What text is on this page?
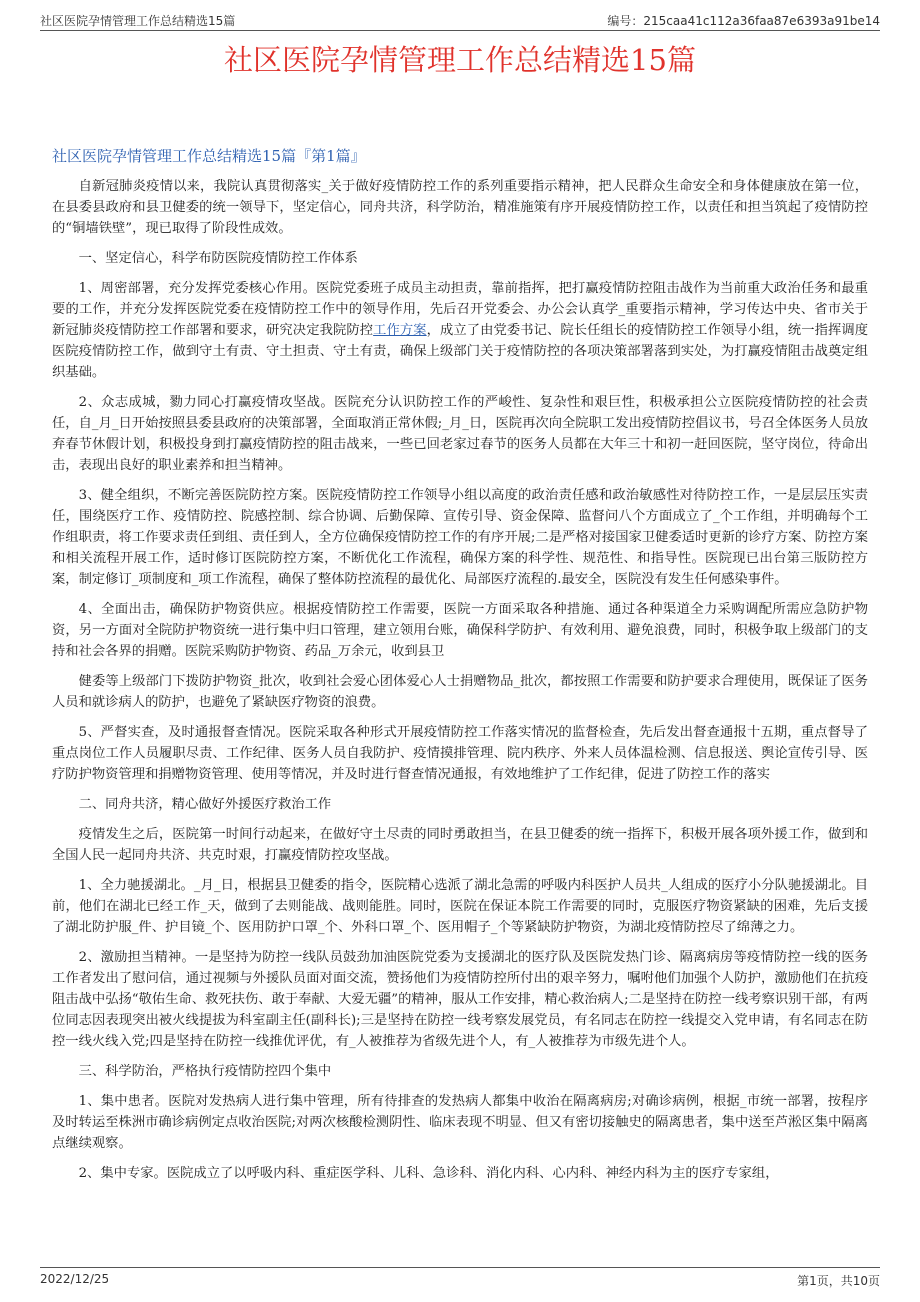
社区医院孕情管理工作总结精选15篇	编号：215caa41c112a36faa87e6393a91be14
社区医院孕情管理工作总结精选15篇
社区医院孕情管理工作总结精选15篇『第1篇』

自新冠肺炎疫情以来，我院认真贯彻落实_关于做好疫情防控工作的系列重要指示精神，把人民群众生命安全和身体健康放在第一位，在县委县政府和县卫健委的统一领导下，坚定信心，同舟共济，科学防治，精准施策有序开展疫情防控工作，以责任和担当筑起了疫情防控的“铜墙铁壁”，现已取得了阶段性成效。

一、坚定信心，科学布防医院疫情防控工作体系

1、周密部署，充分发挥党委核心作用。医院党委班子成员主动担责，靠前指挥，把打赢疫情防控阻击战作为当前重大政治任务和最重要的工作，并充分发挥医院党委在疫情防控工作中的领导作用，先后召开党委会、办公会认真学_重要指示精神，学习传达中央、省市关于新冠肺炎疫情防控工作部署和要求，研究决定我院防控工作方案，成立了由党委书记、院长任组长的疫情防控工作领导小组，统一指挥调度医院疫情防控工作，做到守土有责、守土担责、守土有责，确保上级部门关于疫情防控的各项决策部署落到实处，为打赢疫情阻击战奠定组织基础。

2、众志成城，勠力同心打赢疫情攻坚战。医院充分认识防控工作的严峻性、复杂性和艰巨性，积极承担公立医院疫情防控的社会责任，自_月_日开始按照县委县政府的决策部署，全面取消正常休假;_月_日，医院再次向全院职工发出疫情防控倡议书，号召全体医务人员放弃春节休假计划，积极投身到打赢疫情防控的阻击战来，一些已回老家过春节的医务人员都在大年三十和初一赶回医院，坚守岗位，待命出击，表现出良好的职业素养和担当精神。

3、健全组织，不断完善医院防控方案。医院疫情防控工作领导小组以高度的政治责任感和政治敏感性对待防控工作，一是层层压实责任，围绕医疗工作、疫情防控、院感控制、综合协调、后勤保障、宣传引导、资金保障、监督问八个方面成立了_个工作组，并明确每个工作组职责，将工作要求责任到组、责任到人，全方位确保疫情防控工作的有序开展;二是严格对接国家卫健委适时更新的诊疗方案、防控方案和相关流程开展工作，适时修订医院防控方案，不断优化工作流程，确保方案的科学性、规范性、和指导性。医院现已出台第三版防控方案，制定修订_项制度和_项工作流程，确保了整体防控流程的最优化、局部医疗流程的.最安全，医院没有发生任何感染事件。

4、全面出击，确保防护物资供应。根据疫情防控工作需要，医院一方面采取各种措施、通过各种渠道全力采购调配所需应急防护物资，另一方面对全院防护物资统一进行集中归口管理，建立领用台账，确保科学防护、有效利用、避免浪费，同时，积极争取上级部门的支持和社会各界的捐赠。医院采购防护物资、药品_万余元，收到县卫

健委等上级部门下拨防护物资_批次，收到社会爱心团体爱心人士捐赠物品_批次，都按照工作需要和防护要求合理使用，既保证了医务人员和就诊病人的防护，也避免了紧缺医疗物资的浪费。

5、严督实查，及时通报督查情况。医院采取各种形式开展疫情防控工作落实情况的监督检查，先后发出督查通报十五期，重点督导了重点岗位工作人员履职尽责、工作纪律、医务人员自我防护、疫情摸排管理、院内秩序、外来人员体温检测、信息报送、舆论宣传引导、医疗防护物资管理和捐赠物资管理、使用等情况，并及时进行督查情况通报，有效地维护了工作纪律，促进了防控工作的落实

二、同舟共济，精心做好外援医疗救治工作

疫情发生之后，医院第一时间行动起来，在做好守土尽责的同时勇敢担当，在县卫健委的统一指挥下，积极开展各项外援工作，做到和全国人民一起同舟共济、共克时艰，打赢疫情防控攻坚战。

1、全力驰援湖北。_月_日，根据县卫健委的指令，医院精心选派了湖北急需的呼吸内科医护人员共_人组成的医疗小分队驰援湖北。目前，他们在湖北已经工作_天，做到了去则能战、战则能胜。同时，医院在保证本院工作需要的同时，克服医疗物资紧缺的困难，先后支援了湖北防护服_件、护目镜_个、医用防护口罩_个、外科口罩_个、医用帽子_个等紧缺防护物资，为湖北疫情防控尽了绵薄之力。

2、激励担当精神。一是坚持为防控一线队员鼓劲加油医院党委为支援湖北的医疗队及医院发热门诊、隔离病房等疫情防控一线的医务工作者发出了慰问信，通过视频与外援队员面对面交流，赞扬他们为疫情防控所付出的艰辛努力，嘱咐他们加强个人防护，激励他们在抗疫阻击战中弘扬“敬佑生命、救死扶伤、敢于奉献、大爱无疆”的精神，服从工作安排，精心救治病人;二是坚持在防控一线考察识别干部，有两位同志因表现突出被火线提拔为科室副主任(副科长);三是坚持在防控一线考察发展党员，有名同志在防控一线提交入党申请，有名同志在防控一线火线入党;四是坚持在防控一线推优评优，有_人被推荐为省级先进个人，有_人被推荐为市级先进个人。

三、科学防治，严格执行疫情防控四个集中

1、集中患者。医院对发热病人进行集中管理，所有待排查的发热病人都集中收治在隔离病房;对确诊病例，根据_市统一部署，按程序及时转运至株洲市确诊病例定点收治医院;对两次核酸检测阴性、临床表现不明显、但又有密切接触史的隔离患者，集中送至芦淞区集中隔离点继续观察。

2、集中专家。医院成立了以呼吸内科、重症医学科、儿科、急诊科、消化内科、心内科、神经内科为主的医疗专家组，

2022/12/25	第1页，共10页
